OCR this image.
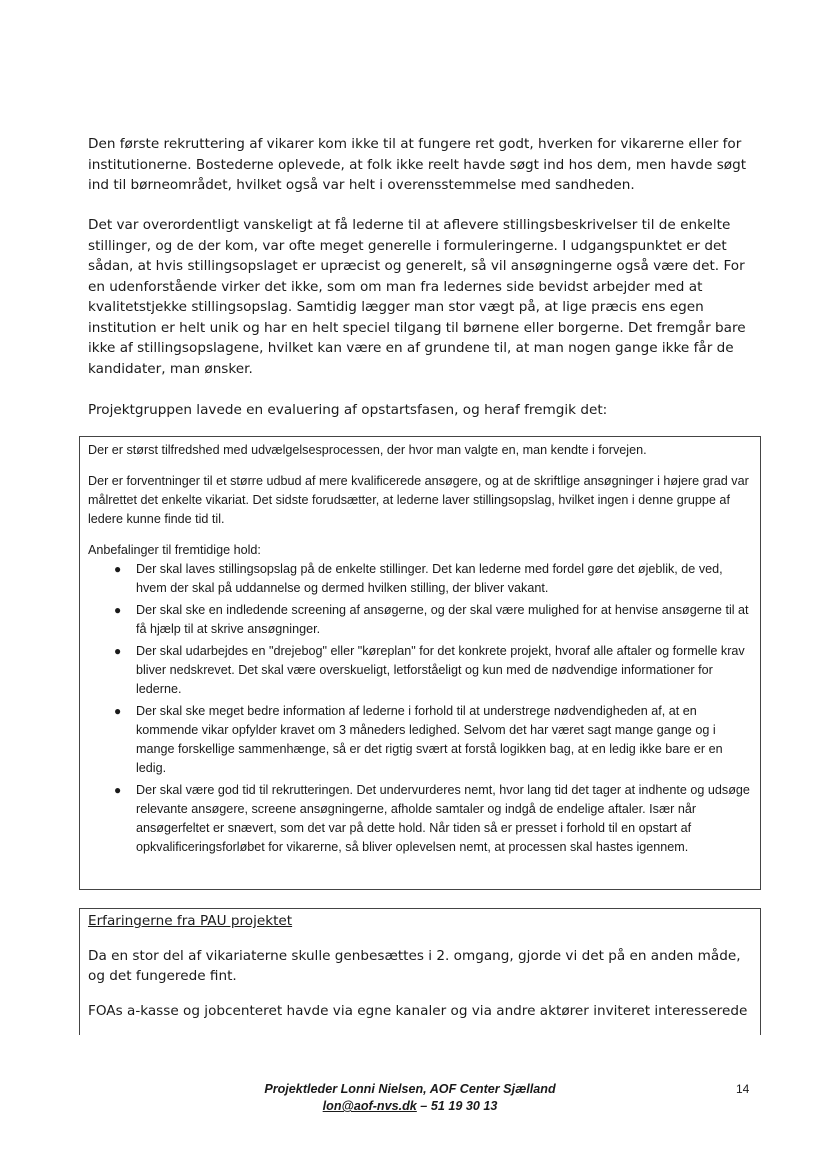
Den første rekruttering af vikarer kom ikke til at fungere ret godt, hverken for vikarerne eller for institutionerne. Bostederne oplevede, at folk ikke reelt havde søgt ind hos dem, men havde søgt ind til børneområdet, hvilket også var helt i overensstemmelse med sandheden.

Det var overordentligt vanskeligt at få lederne til at aflevere stillingsbeskrivelser til de enkelte stillinger, og de der kom, var ofte meget generelle i formuleringerne. I udgangspunktet er det sådan, at hvis stillingsopslaget er upræcist og generelt, så vil ansøgningerne også være det. For en udenforstående virker det ikke, som om man fra ledernes side bevidst arbejder med at kvalitetstjekke stillingsopslag. Samtidig lægger man stor vægt på, at lige præcis ens egen institution er helt unik og har en helt speciel tilgang til børnene eller borgerne. Det fremgår bare ikke af stillingsopslagene, hvilket kan være en af grundene til, at man nogen gange ikke får de kandidater, man ønsker.

Projektgruppen lavede en evaluering af opstartsfasen, og heraf fremgik det:

Der er størst tilfredshed med udvælgelsesprocessen, der hvor man valgte en, man kendte i forvejen.

Der er forventninger til et større udbud af mere kvalificerede ansøgere, og at de skriftlige ansøgninger i højere grad var målrettet det enkelte vikariat. Det sidste forudsætter, at lederne laver stillingsopslag, hvilket ingen i denne gruppe af ledere kunne finde tid til.

Anbefalinger til fremtidige hold:

● Der skal laves stillingsopslag på de enkelte stillinger. Det kan lederne med fordel gøre det øjeblik, de ved, hvem der skal på uddannelse og dermed hvilken stilling, der bliver vakant.
● Der skal ske en indledende screening af ansøgerne, og der skal være mulighed for at henvise ansøgerne til at få hjælp til at skrive ansøgninger.
● Der skal udarbejdes en "drejebog" eller "køreplan" for det konkrete projekt, hvoraf alle aftaler og formelle krav bliver nedskrevet. Det skal være overskueligt, letforståeligt og kun med de nødvendige informationer for lederne.
● Der skal ske meget bedre information af lederne i forhold til at understrege nødvendigheden af, at en kommende vikar opfylder kravet om 3 måneders ledighed. Selvom det har været sagt mange gange og i mange forskellige sammenhænge, så er det rigtig svært at forstå logikken bag, at en ledig ikke bare er en ledig.
● Der skal være god tid til rekrutteringen. Det undervurderes nemt, hvor lang tid det tager at indhente og udsøge relevante ansøgere, screene ansøgningerne, afholde samtaler og indgå de endelige aftaler. Især når ansøgerfeltet er snævert, som det var på dette hold. Når tiden så er presset i forhold til en opstart af opkvalificeringsforløbet for vikarerne, så bliver oplevelsen nemt, at processen skal hastes igennem.

Erfaringerne fra PAU projektet

Da en stor del af vikariaterne skulle genbesættes i 2. omgang, gjorde vi det på en anden måde, og det fungerede fint.

FOAs a-kasse og jobcenteret havde via egne kanaler og via andre aktører inviteret interesserede

Projektleder Lonni Nielsen, AOF Center Sjælland
lon@aof-nvs.dk – 51 19 30 13
14
